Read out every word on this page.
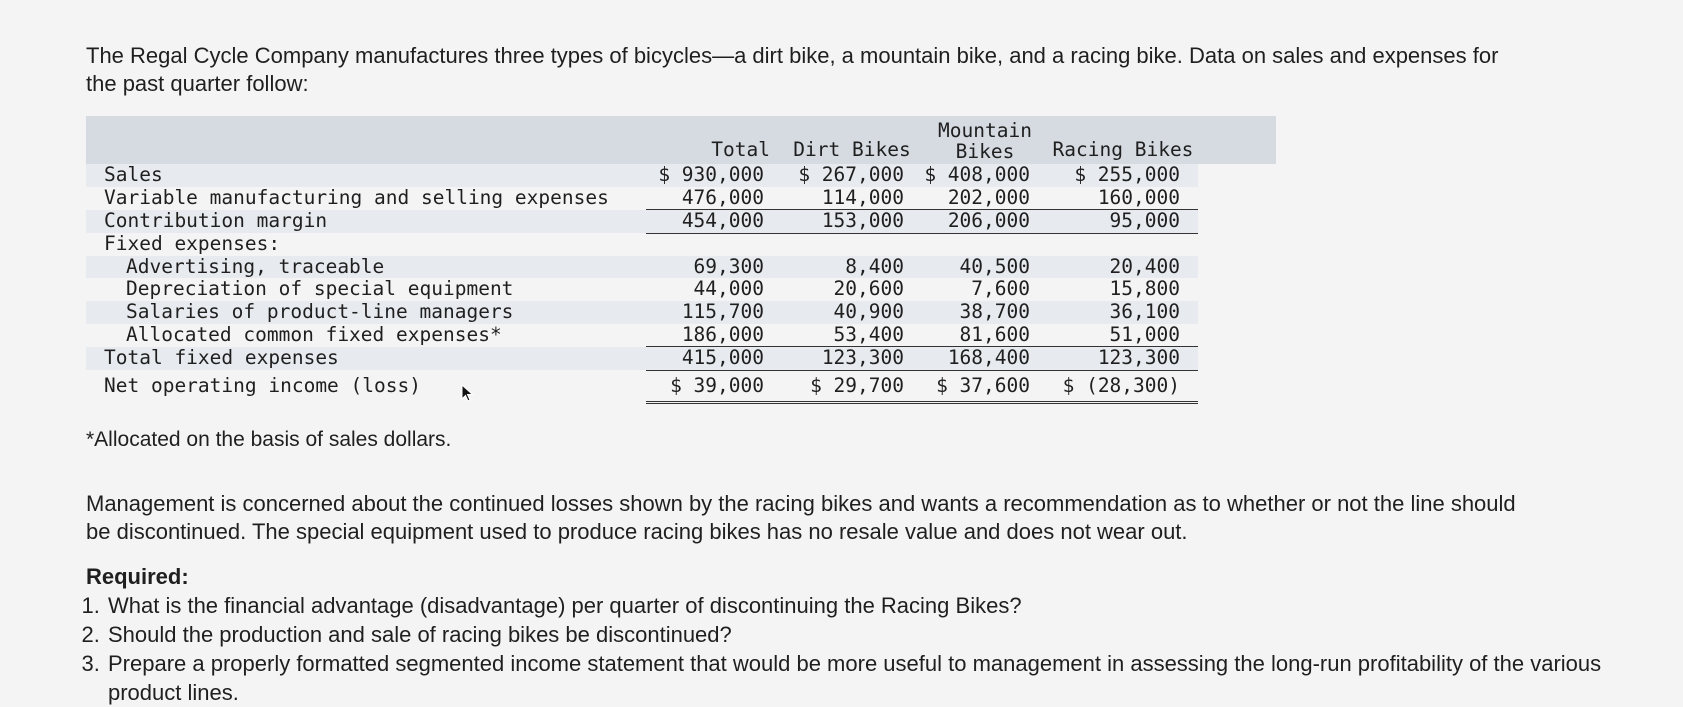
The Regal Cycle Company manufactures three types of bicycles—a dirt bike, a mountain bike, and a racing bike. Data on sales and expenses for the past quarter follow:
	Total	Dirt Bikes	Mountain Bikes	Racing Bikes	
Sales	$ 930,000	$ 267,000	$ 408,000	$ 255,000	
Variable manufacturing and selling expenses	476,000	114,000	202,000	160,000	
Contribution margin	454,000	153,000	206,000	95,000	
Fixed expenses:					
Advertising, traceable	69,300	8,400	40,500	20,400	
Depreciation of special equipment	44,000	20,600	7,600	15,800	
Salaries of product-line managers	115,700	40,900	38,700	36,100	
Allocated common fixed expenses*	186,000	53,400	81,600	51,000	
Total fixed expenses	415,000	123,300	168,400	123,300	
Net operating income (loss)	$ 39,000	$ 29,700	$ 37,600	$ (28,300)	
*Allocated on the basis of sales dollars.
Management is concerned about the continued losses shown by the racing bikes and wants a recommendation as to whether or not the line should be discontinued. The special equipment used to produce racing bikes has no resale value and does not wear out.
Required:
1. What is the financial advantage (disadvantage) per quarter of discontinuing the Racing Bikes?
2. Should the production and sale of racing bikes be discontinued?
3. Prepare a properly formatted segmented income statement that would be more useful to management in assessing the long-run profitability of the various product lines.
